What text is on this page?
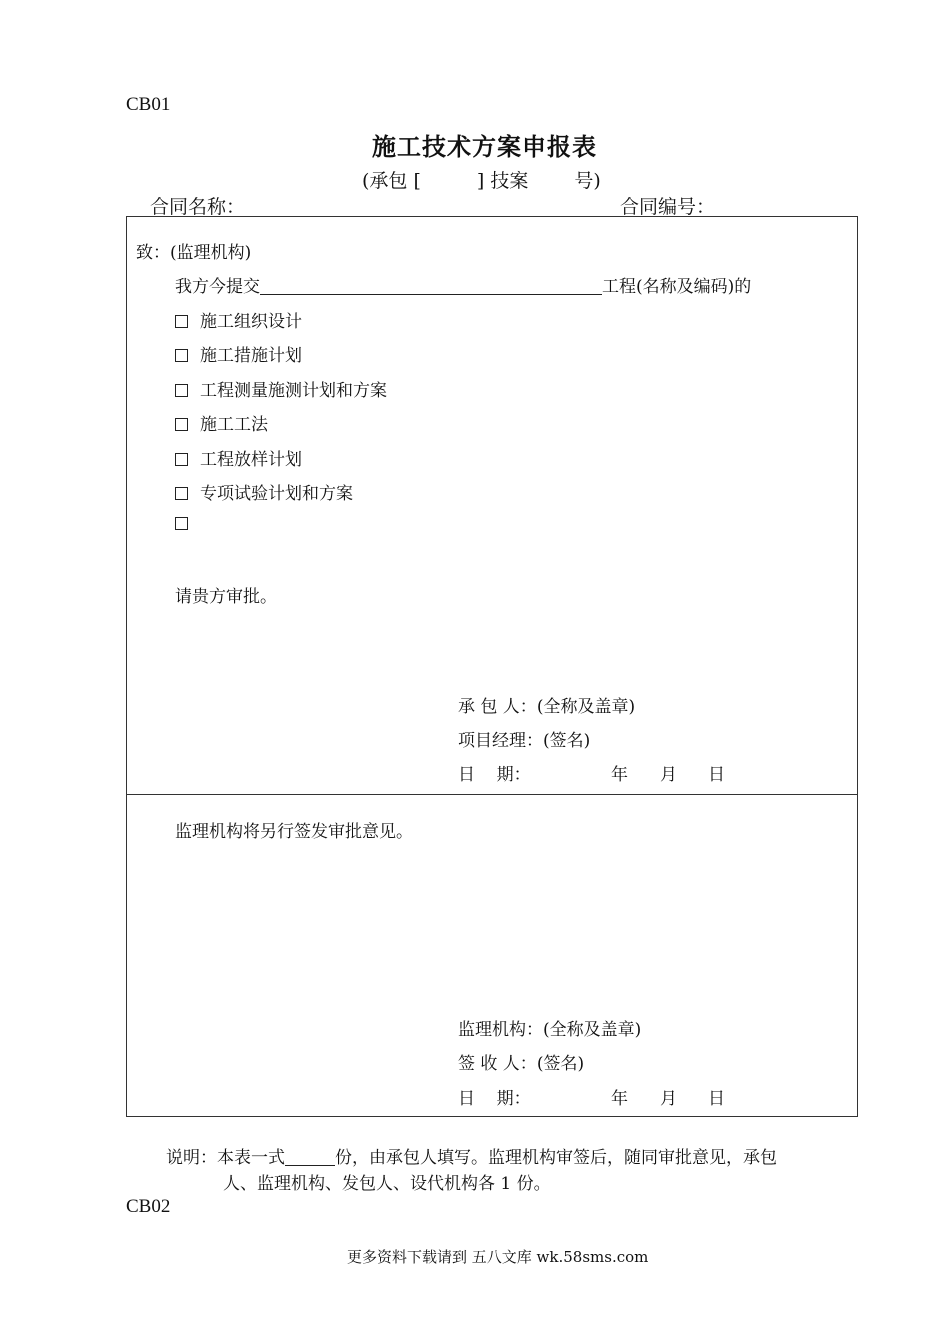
CB01
施工技术方案申报表
(承包 [	] 技案 号)
合同名称：	合同编号：
致：(监理机构)
我方今提交	工程(名称及编码)的
施工组织设计
施工措施计划
工程测量施测计划和方案
施工工法
工程放样计划
专项试验计划和方案
请贵方审批。
承 包 人：(全称及盖章)
项目经理：(签名)
日    期：	年 月 日
监理机构将另行签发审批意见。
监理机构：(全称及盖章)
签 收 人：(签名)
日    期：	年 月 日
说明：本表一式	份，由承包人填写。监理机构审签后，随同审批意见，承包
人、监理机构、发包人、设代机构各 1 份。
CB02
更多资料下载请到 五八文库 wk.58sms.com
